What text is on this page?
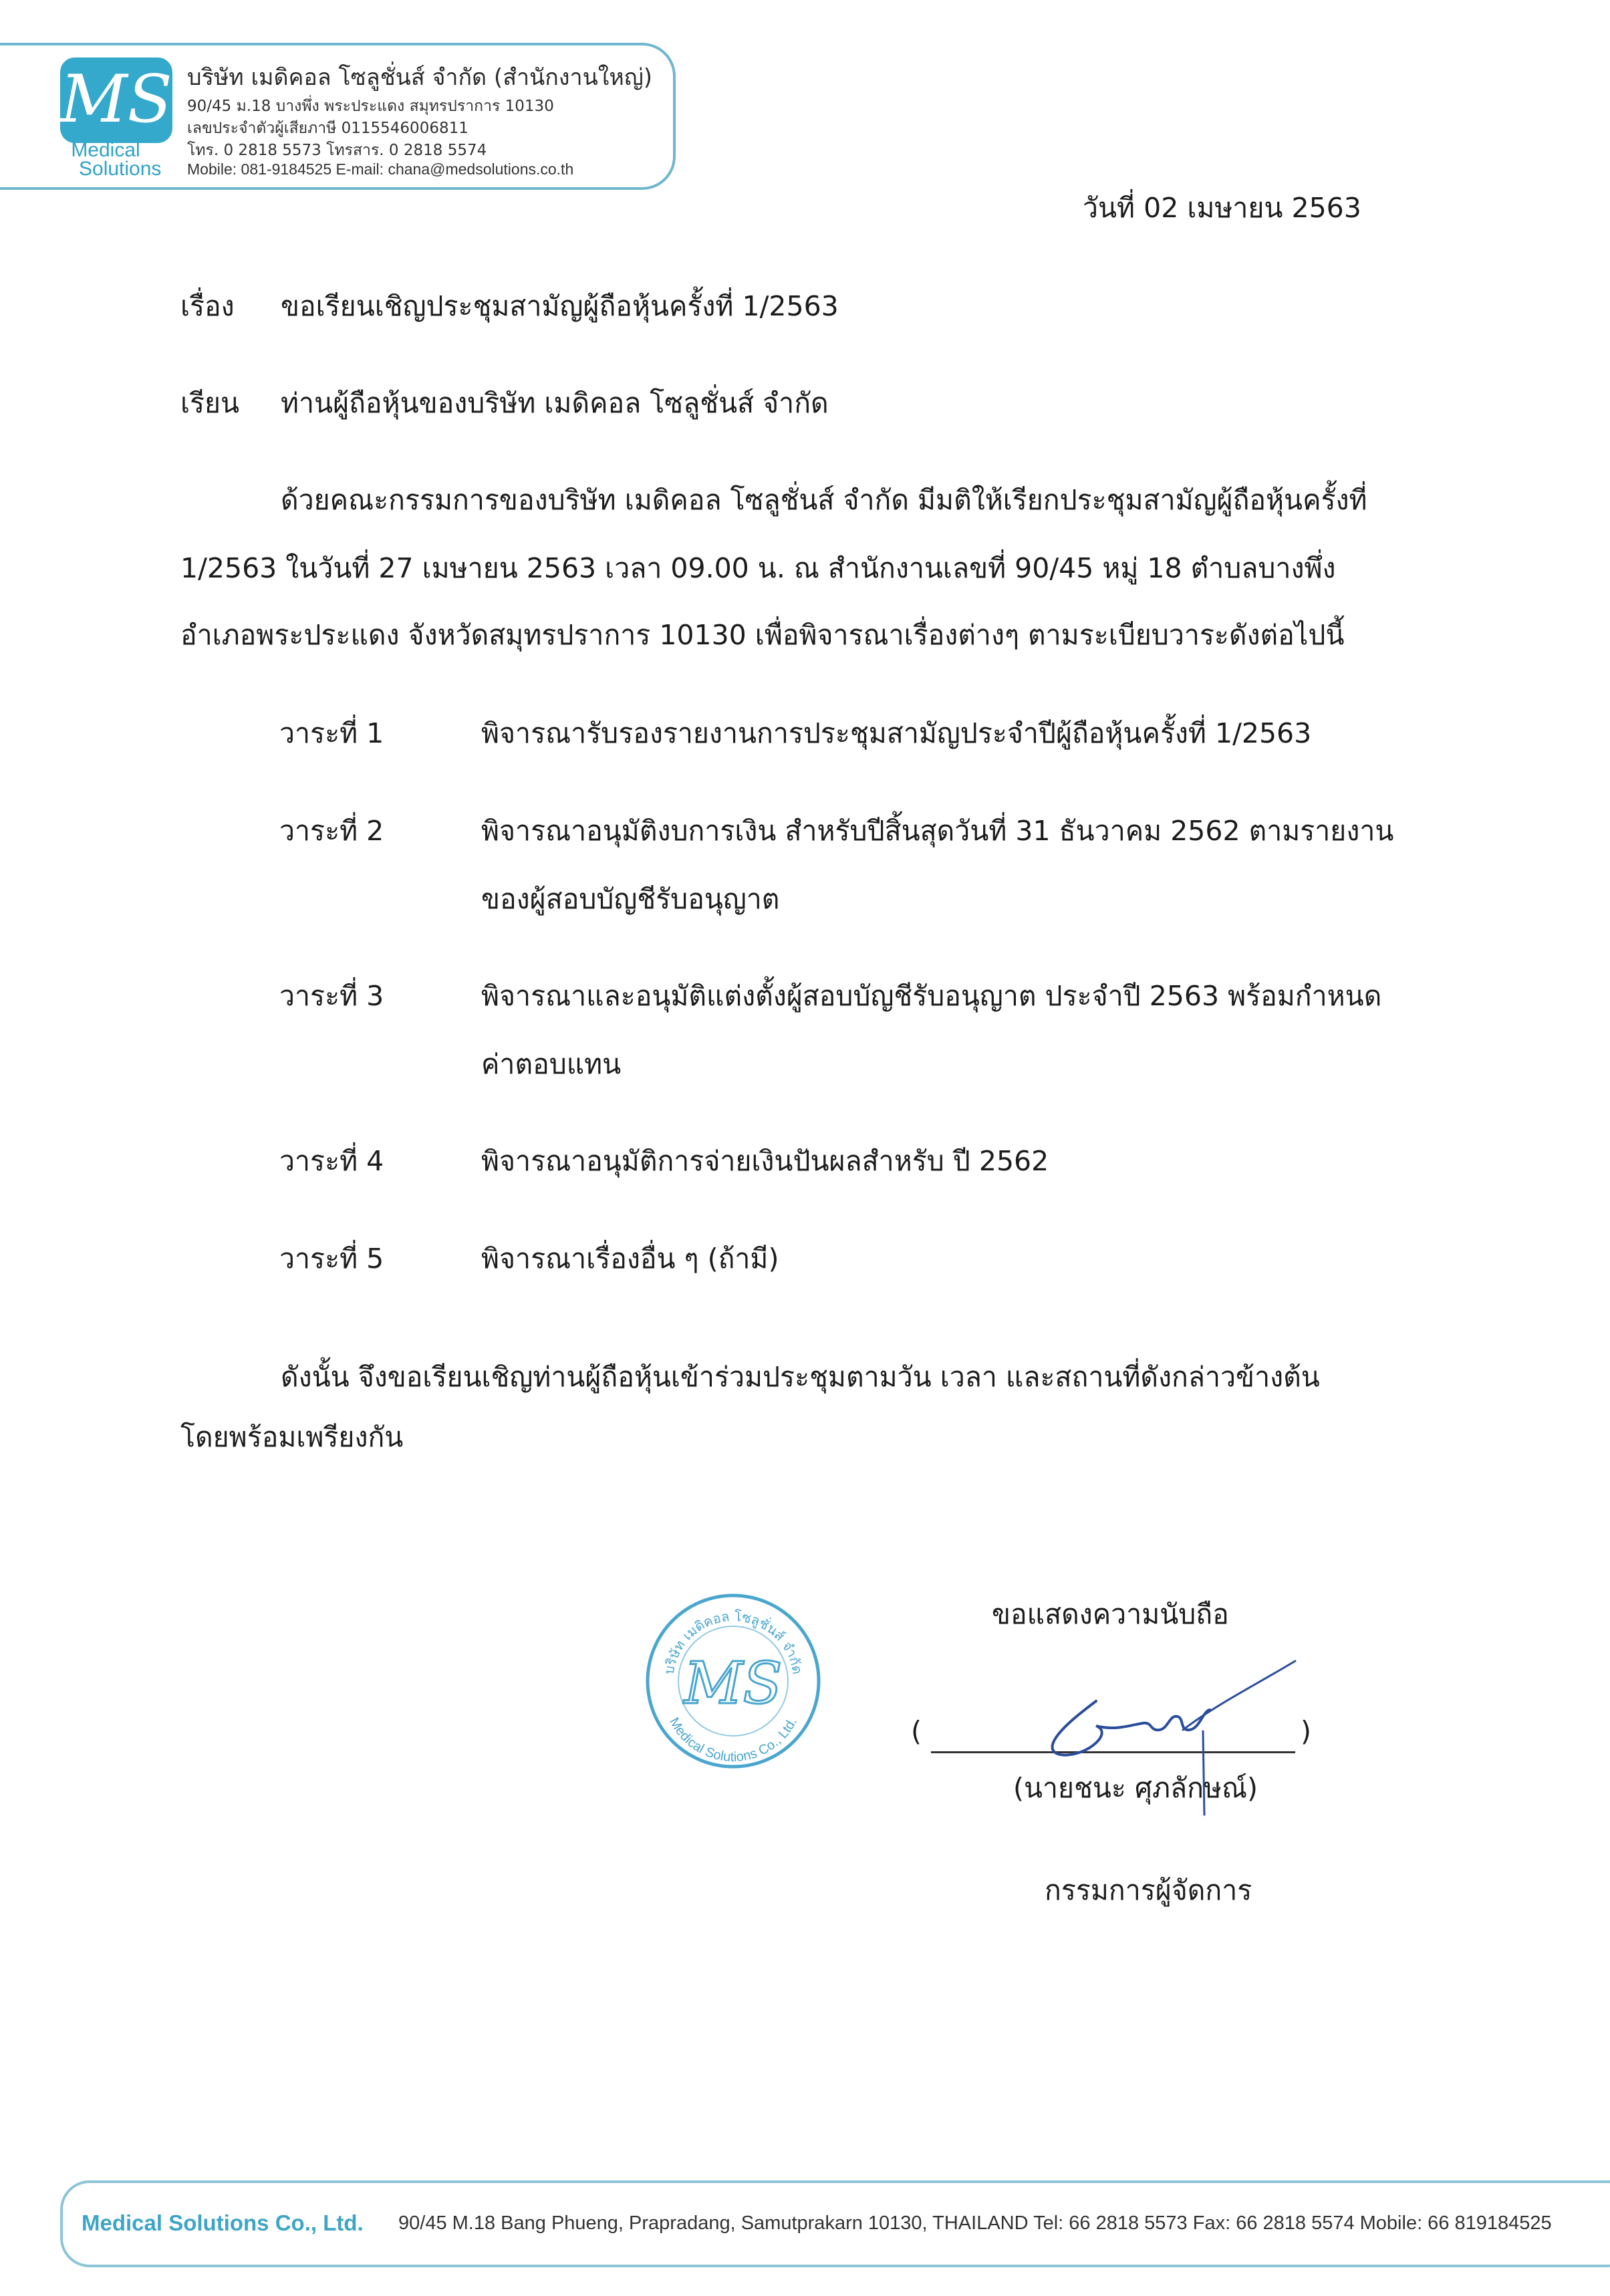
MS
Medical
Solutions
บริษัท เมดิคอล โซลูชั่นส์ จำกัด (สำนักงานใหญ่)
90/45 ม.18 บางพึ่ง พระประแดง สมุทรปราการ 10130
เลขประจำตัวผู้เสียภาษี 0115546006811
โทร. 0 2818 5573 โทรสาร. 0 2818 5574
Mobile: 081-9184525 E-mail: chana@medsolutions.co.th
วันที่ 02 เมษายน 2563
เรื่อง ขอเรียนเชิญประชุมสามัญผู้ถือหุ้นครั้งที่ 1/2563
เรียน ท่านผู้ถือหุ้นของบริษัท เมดิคอล โซลูชั่นส์ จำกัด
ด้วยคณะกรรมการของบริษัท เมดิคอล โซลูชั่นส์ จำกัด มีมติให้เรียกประชุมสามัญผู้ถือหุ้นครั้งที่
1/2563 ในวันที่ 27 เมษายน 2563 เวลา 09.00 น. ณ สำนักงานเลขที่ 90/45 หมู่ 18 ตำบลบางพึ่ง
อำเภอพระประแดง จังหวัดสมุทรปราการ 10130 เพื่อพิจารณาเรื่องต่างๆ ตามระเบียบวาระดังต่อไปนี้
วาระที่ 1	พิจารณารับรองรายงานการประชุมสามัญประจำปีผู้ถือหุ้นครั้งที่ 1/2563
วาระที่ 2	พิจารณาอนุมัติงบการเงิน สำหรับปีสิ้นสุดวันที่ 31 ธันวาคม 2562 ตามรายงาน
ของผู้สอบบัญชีรับอนุญาต
วาระที่ 3	พิจารณาและอนุมัติแต่งตั้งผู้สอบบัญชีรับอนุญาต ประจำปี 2563 พร้อมกำหนด
ค่าตอบแทน
วาระที่ 4	พิจารณาอนุมัติการจ่ายเงินปันผลสำหรับ ปี 2562
วาระที่ 5	พิจารณาเรื่องอื่น ๆ (ถ้ามี)
ดังนั้น จึงขอเรียนเชิญท่านผู้ถือหุ้นเข้าร่วมประชุมตามวัน เวลา และสถานที่ดังกล่าวข้างต้น
โดยพร้อมเพรียงกัน
บริษัท เมดิคอล โซลูชั่นส์ จำกัด
Medical Solutions Co., Ltd.
MS
ขอแสดงความนับถือ
(	)
(นายชนะ ศุภลักษณ์)
กรรมการผู้จัดการ
Medical Solutions Co., Ltd. 90/45 M.18 Bang Phueng, Prapradang, Samutprakarn 10130, THAILAND Tel: 66 2818 5573 Fax: 66 2818 5574 Mobile: 66 819184525
